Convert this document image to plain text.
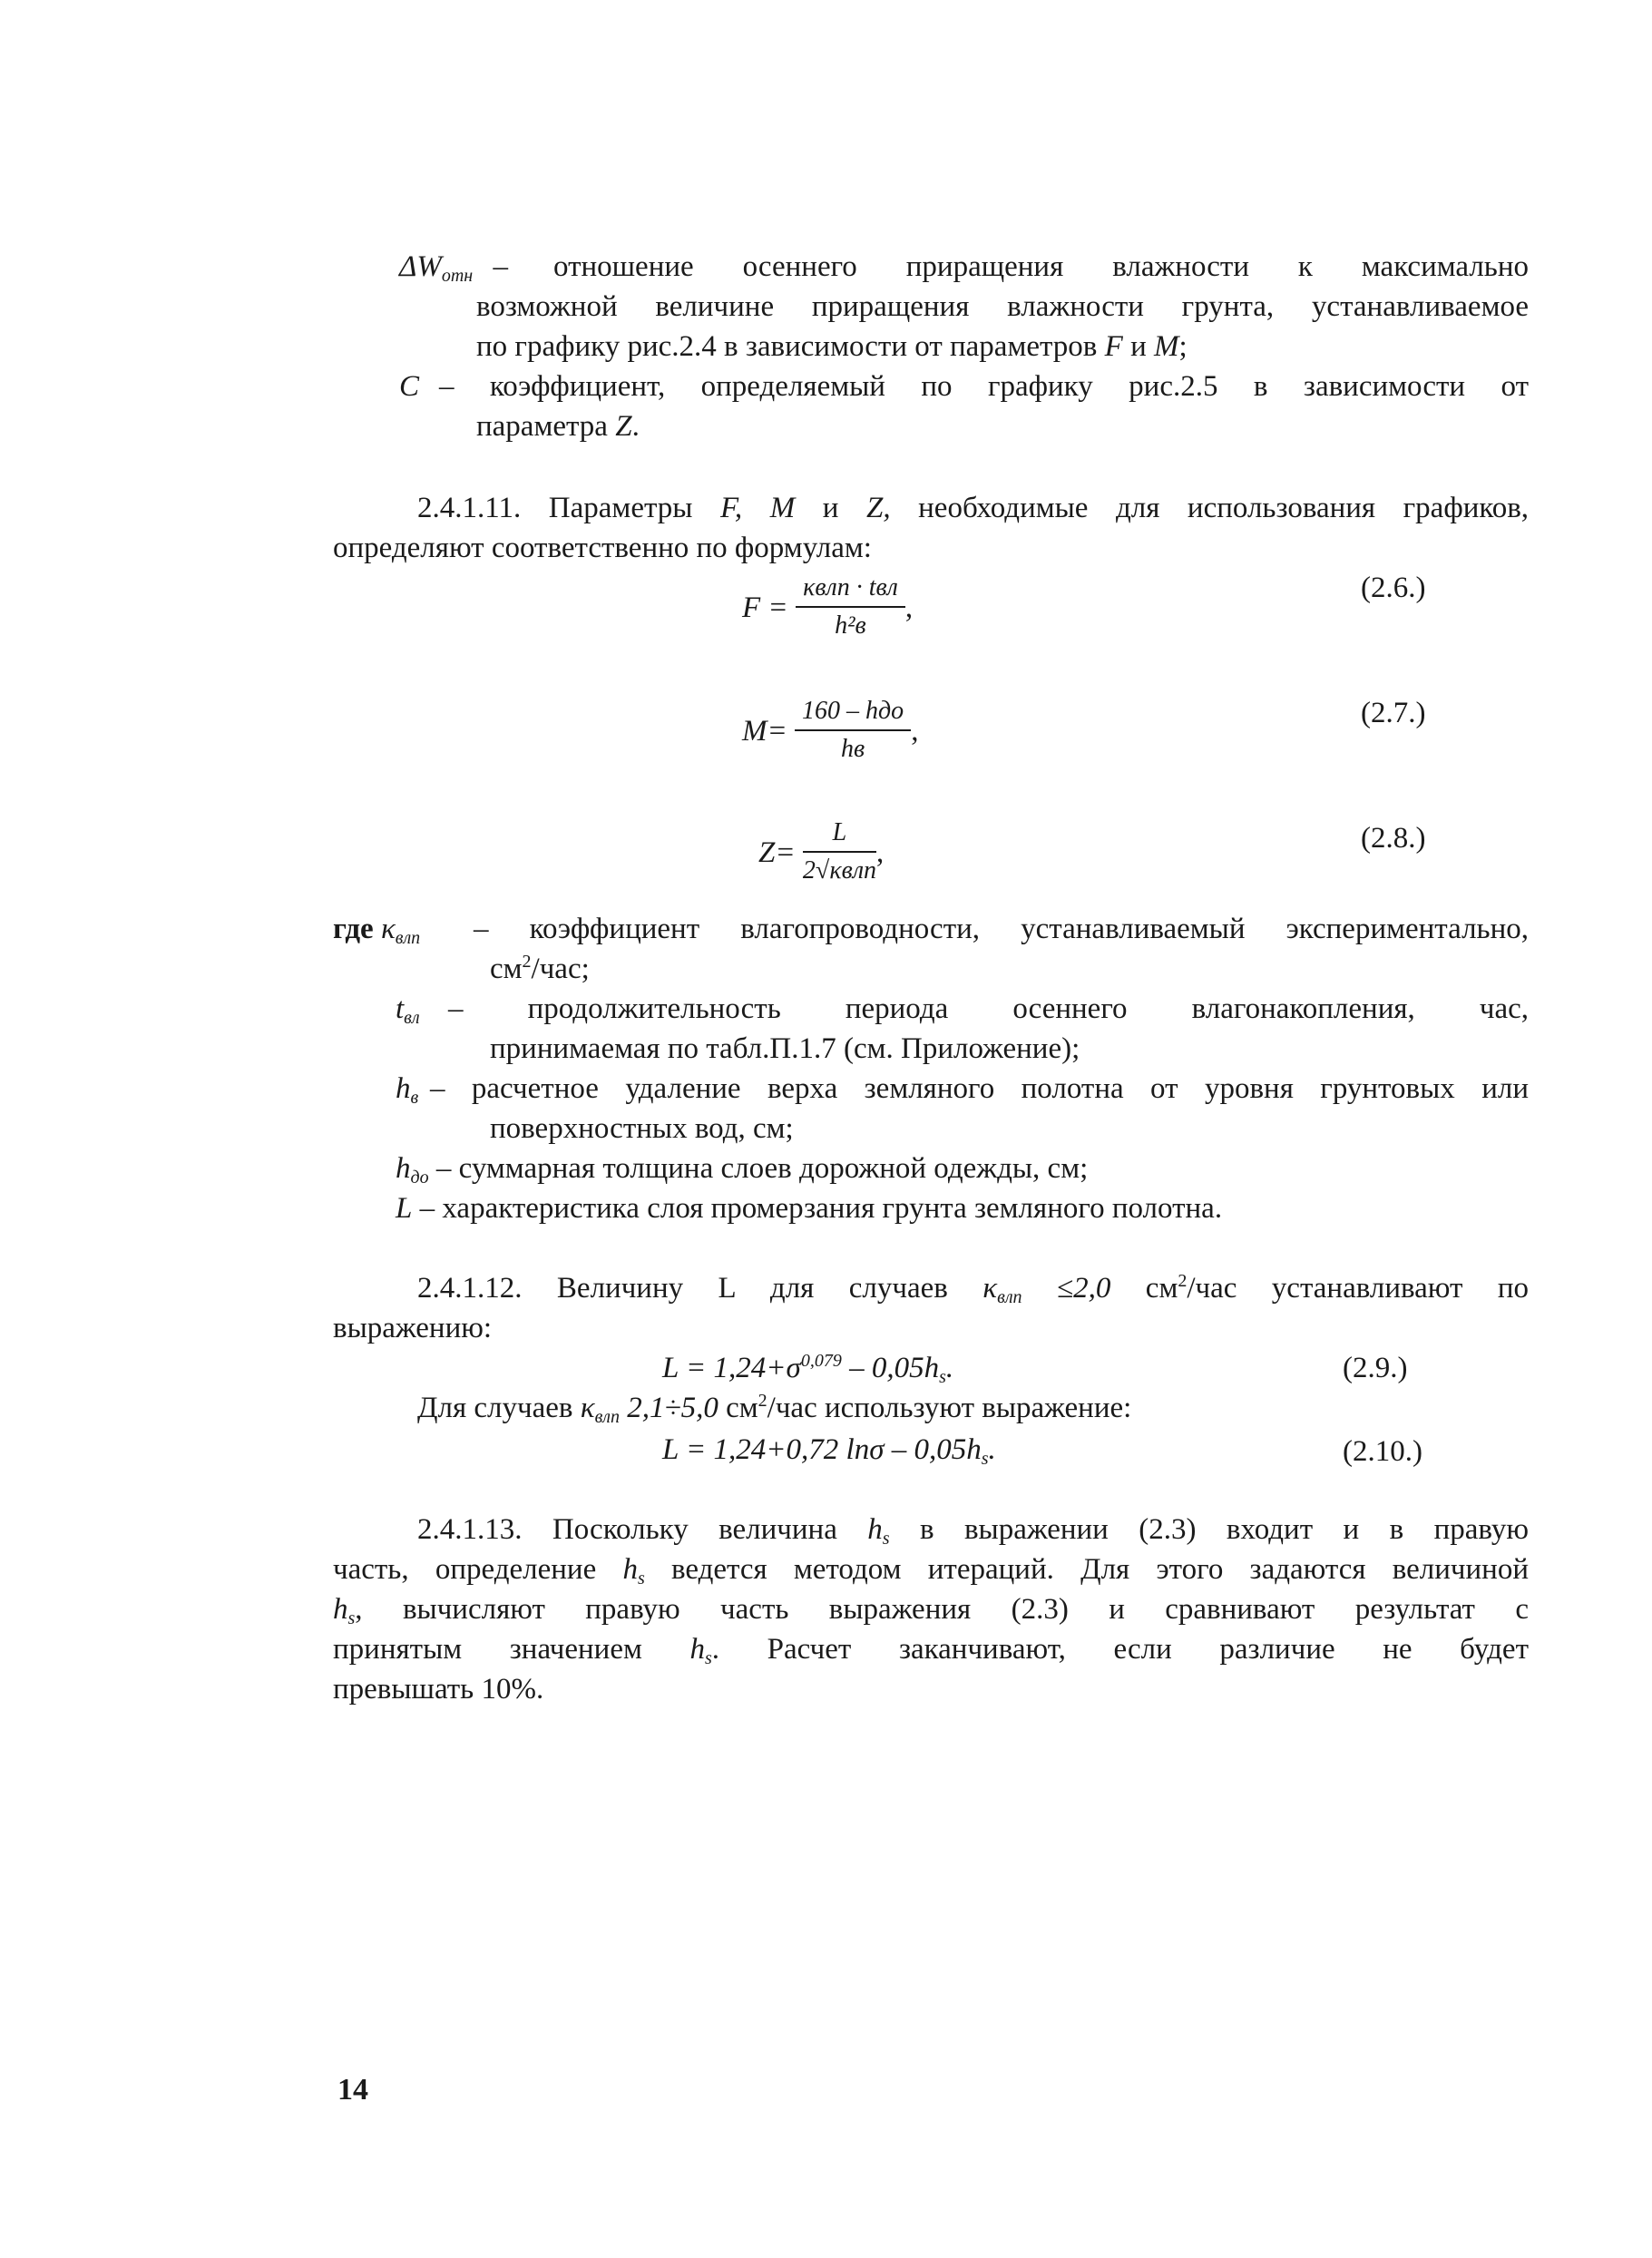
$\Delta W_{отн}$ – отношение осеннего приращения влажности к максимально
возможной величине приращения влажности грунта, устанавливаемое
по графику рис.2.4 в зависимости от параметров F и M;
C – коэффициент, определяемый по графику рис.2.5 в зависимости от
параметра Z.
2.4.1.11. Параметры F, M и Z, необходимые для использования графиков,
определяют соответственно по формулам:
$F = \frac{\text{κвлп · tвл}}{\text{h²в}}$ ,
(2.6.)
$M= \frac{\text{160 – hдо}}{hв}$ ,
(2.7.)
$Z= \frac{L}{\text{2√κвлп}}$ ,	(2.8.)
где $\kappa_{влп}$ – коэффициент влагопроводности, устанавливаемый экспериментально,
$см^2$/час;
$t_{вл}$ – продолжительность периода осеннего влагонакопления, час,
принимаемая по табл.П.1.7 (см. Приложение);
$h_в$ – расчетное удаление верха земляного полотна от уровня грунтовых или
поверхностных вод, см;
$h_{до}$ – суммарная толщина слоев дорожной одежды, см;
L – характеристика слоя промерзания грунта земляного полотна.
2.4.1.12. Величину L для случаев $\kappa_{влп} \le 2,0$ $см^2$/час устанавливают по
выражению:
$L = 1,24+\sigma^{0,079} - 0,05h_s$.	(2.9.)
Для случаев $\kappa_{влп}$ 2,1÷5,0 $см^2$/час используют выражение:
L = 1,24+0,72 lnσ – $0,05h_s$.	(2.10.)
2.4.1.13. Поскольку величина $h_s$ в выражении (2.3) входит и в правую
часть, определение $h_s$ ведется методом итераций. Для этого задаются величиной
$h_s$, вычисляют правую часть выражения (2.3) и сравнивают результат с
принятым значением $h_s$. Расчет заканчивают, если различие не будет
превышать 10%.
14
